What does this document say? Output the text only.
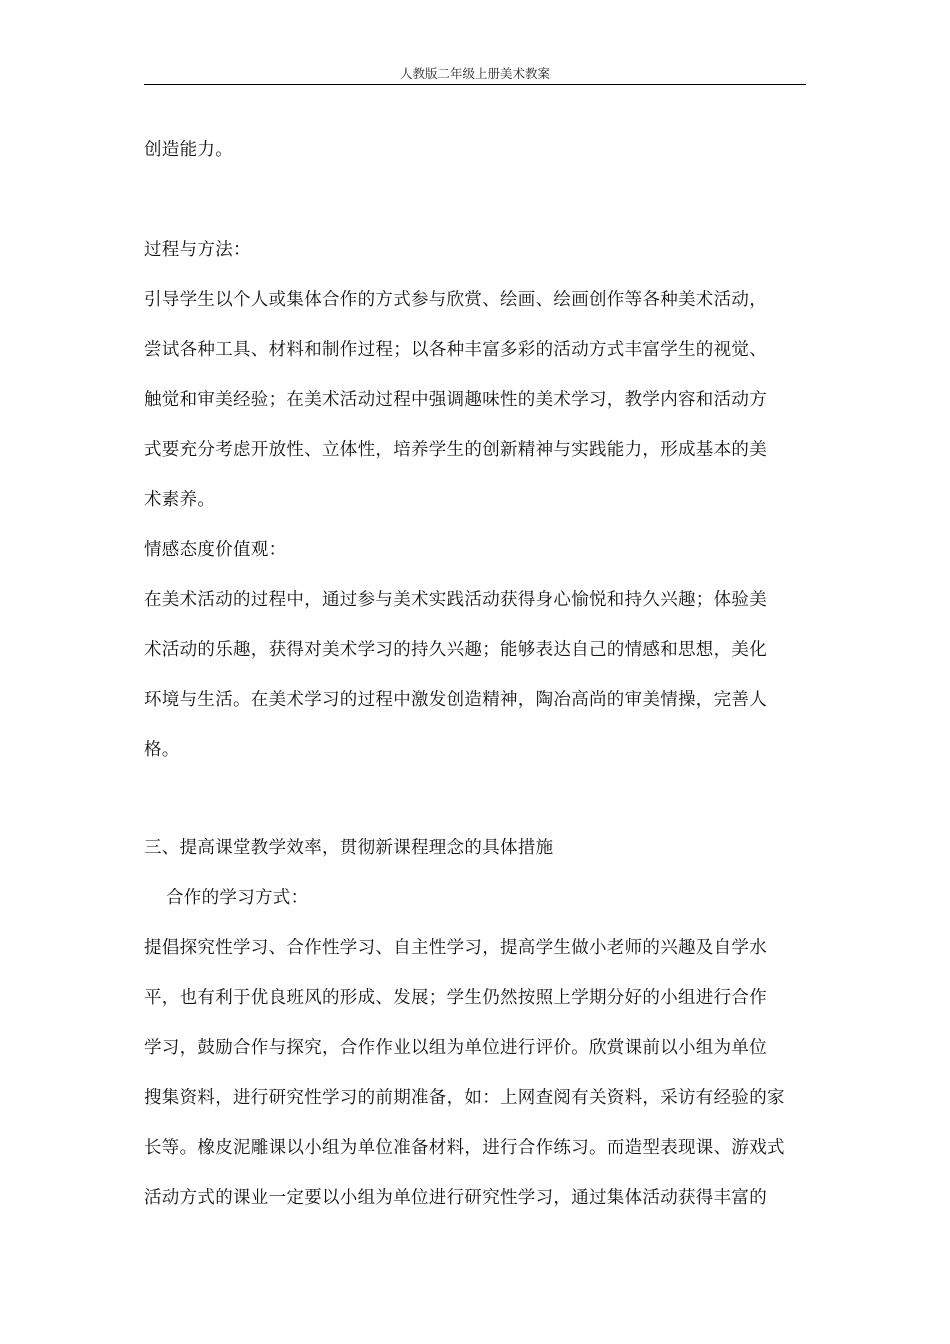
人教版二年级上册美术教案
创造能力。
过程与方法：
引导学生以个人或集体合作的方式参与欣赏、绘画、绘画创作等各种美术活动，
尝试各种工具、材料和制作过程；以各种丰富多彩的活动方式丰富学生的视觉、
触觉和审美经验；在美术活动过程中强调趣味性的美术学习，教学内容和活动方
式要充分考虑开放性、立体性，培养学生的创新精神与实践能力，形成基本的美
术素养。
情感态度价值观：
在美术活动的过程中，通过参与美术实践活动获得身心愉悦和持久兴趣；体验美
术活动的乐趣，获得对美术学习的持久兴趣；能够表达自己的情感和思想，美化
环境与生活。在美术学习的过程中激发创造精神，陶冶高尚的审美情操，完善人
格。
三、提高课堂教学效率，贯彻新课程理念的具体措施
合作的学习方式：
提倡探究性学习、合作性学习、自主性学习，提高学生做小老师的兴趣及自学水
平，也有利于优良班风的形成、发展；学生仍然按照上学期分好的小组进行合作
学习，鼓励合作与探究，合作作业以组为单位进行评价。欣赏课前以小组为单位
搜集资料，进行研究性学习的前期准备，如：上网查阅有关资料，采访有经验的家
长等。橡皮泥雕课以小组为单位准备材料，进行合作练习。而造型表现课、游戏式
活动方式的课业一定要以小组为单位进行研究性学习，通过集体活动获得丰富的
